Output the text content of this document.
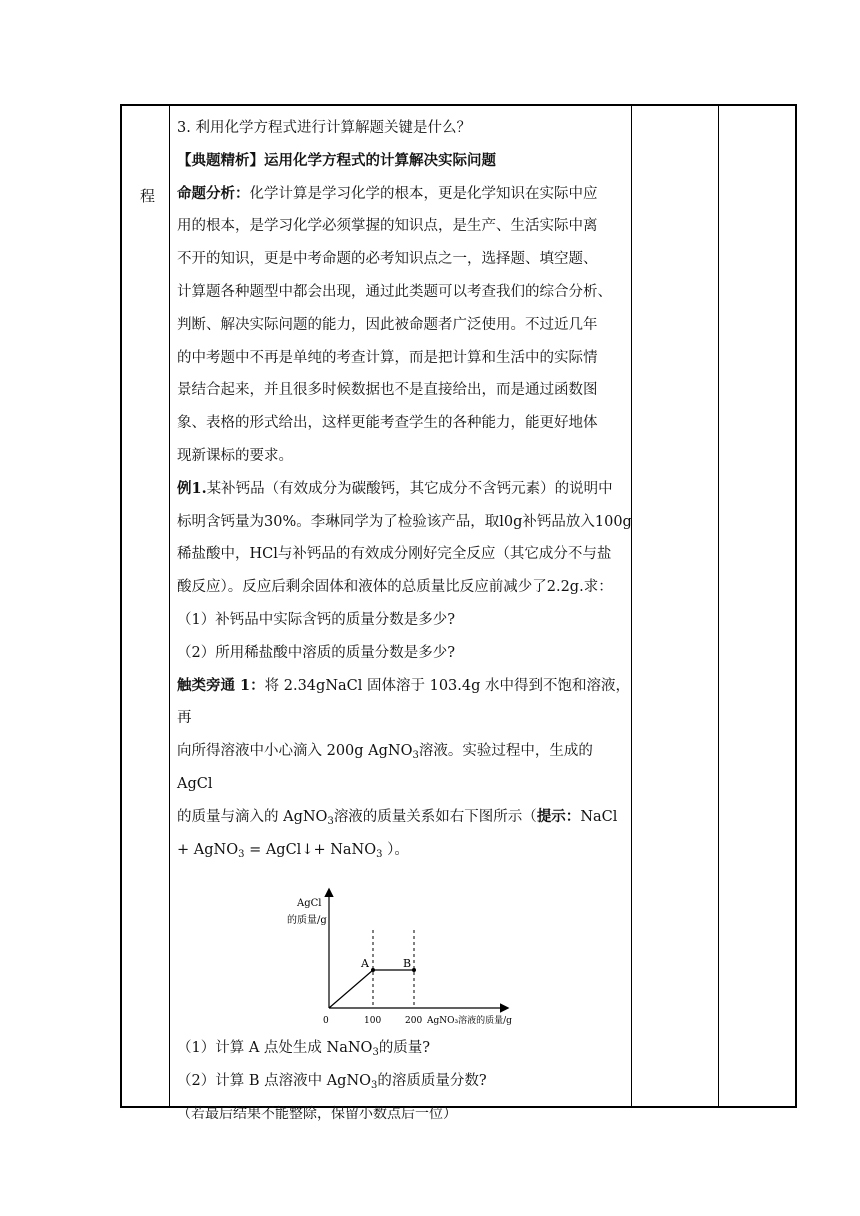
程

3. 利用化学方程式进行计算解题关键是什么？

【典题精析】运用化学方程式的计算解决实际问题

命题分析：化学计算是学习化学的根本，更是化学知识在实际中应

用的根本，是学习化学必须掌握的知识点，是生产、生活实际中离

不开的知识，更是中考命题的必考知识点之一，选择题、填空题、

计算题各种题型中都会出现，通过此类题可以考查我们的综合分析、

判断、解决实际问题的能力，因此被命题者广泛使用。不过近几年

的中考题中不再是单纯的考查计算，而是把计算和生活中的实际情

景结合起来，并且很多时候数据也不是直接给出，而是通过函数图

象、表格的形式给出，这样更能考查学生的各种能力，能更好地体

现新课标的要求。

例1.某补钙品（有效成分为碳酸钙，其它成分不含钙元素）的说明中

标明含钙量为30%。李琳同学为了检验该产品，取l0g补钙品放入100g

稀盐酸中，HCl与补钙品的有效成分刚好完全反应（其它成分不与盐

酸反应）。反应后剩余固体和液体的总质量比反应前减少了2.2g.求：

（1）补钙品中实际含钙的质量分数是多少?

（2）所用稀盐酸中溶质的质量分数是多少?

触类旁通 1：将 2.34gNaCl 固体溶于 103.4g 水中得到不饱和溶液，再

向所得溶液中小心滴入 200g AgNO$_3$溶液。实验过程中，生成的 AgCl

的质量与滴入的 AgNO$_3$溶液的质量关系如右下图所示（提示：NaCl

+ AgNO$_3$ = AgCl↓+ NaNO$_3$ ）。

AgCl
的质量/g
A	B
0	100	200 AgNO₃溶液的质量/g

（1）计算 A 点处生成 NaNO$_3$的质量?

（2）计算 B 点溶液中 AgNO$_3$的溶质质量分数?

（若最后结果不能整除，保留小数点后一位）
